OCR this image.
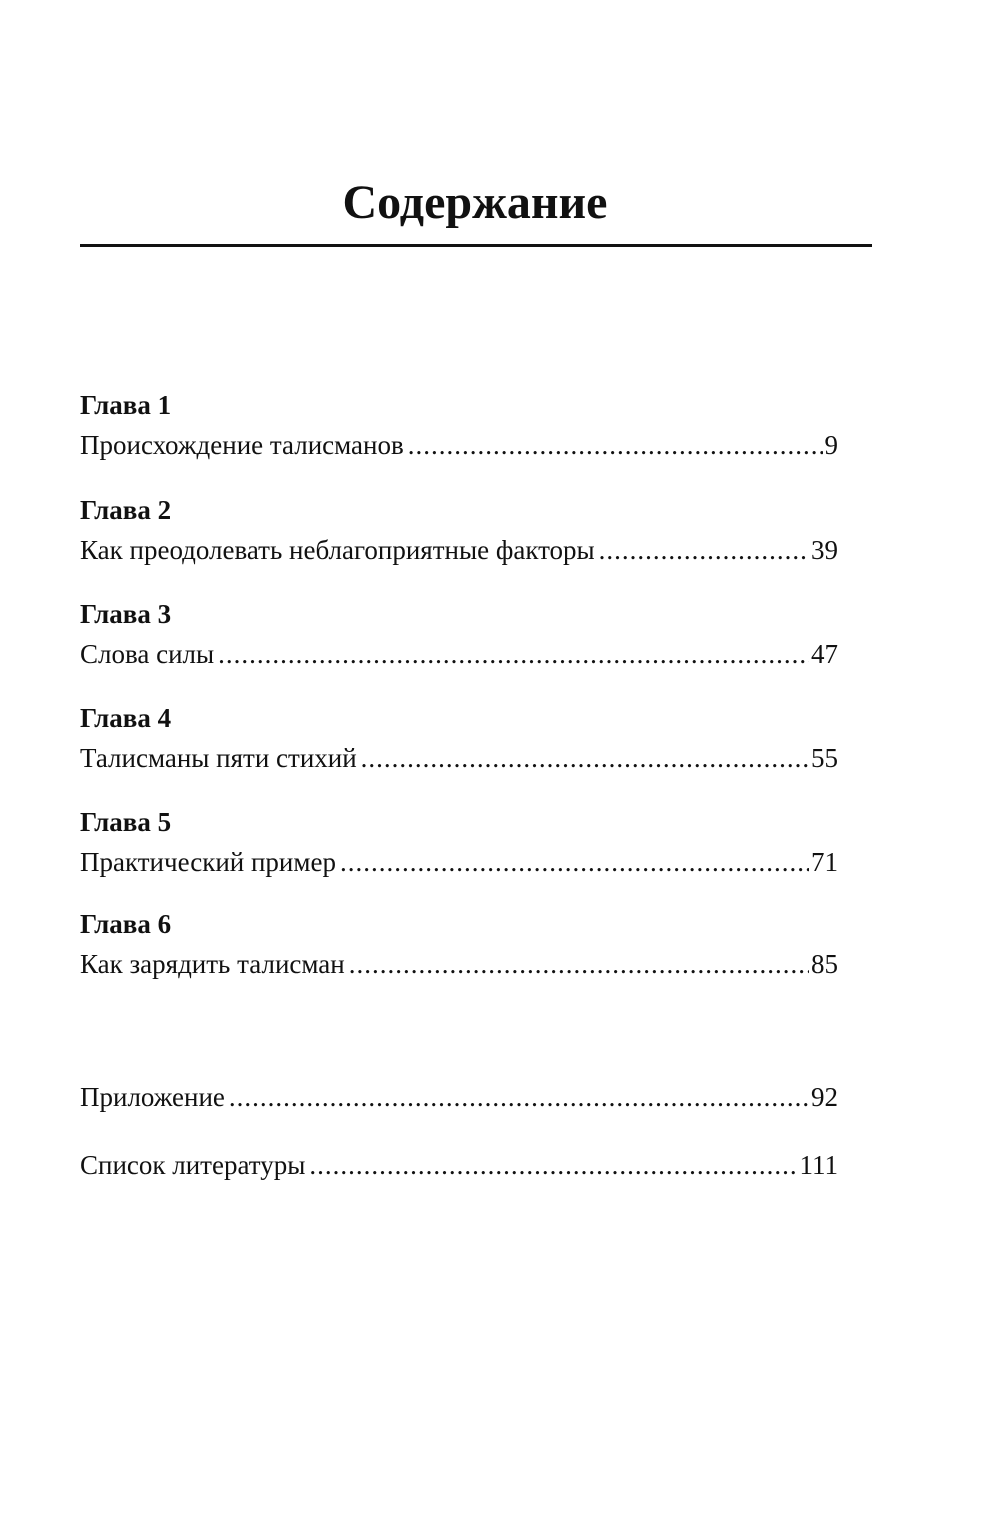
Содержание
Глава 1
Происхождение талисманов .....	9
Глава 2
Как преодолевать неблагоприятные факторы .....	39
Глава 3
Слова силы .....	47
Глава 4
Талисманы пяти стихий .....	55
Глава 5
Практический пример .....	71
Глава 6
Как зарядить талисман .....	85
Приложение .....	92
Список литературы .....	111
